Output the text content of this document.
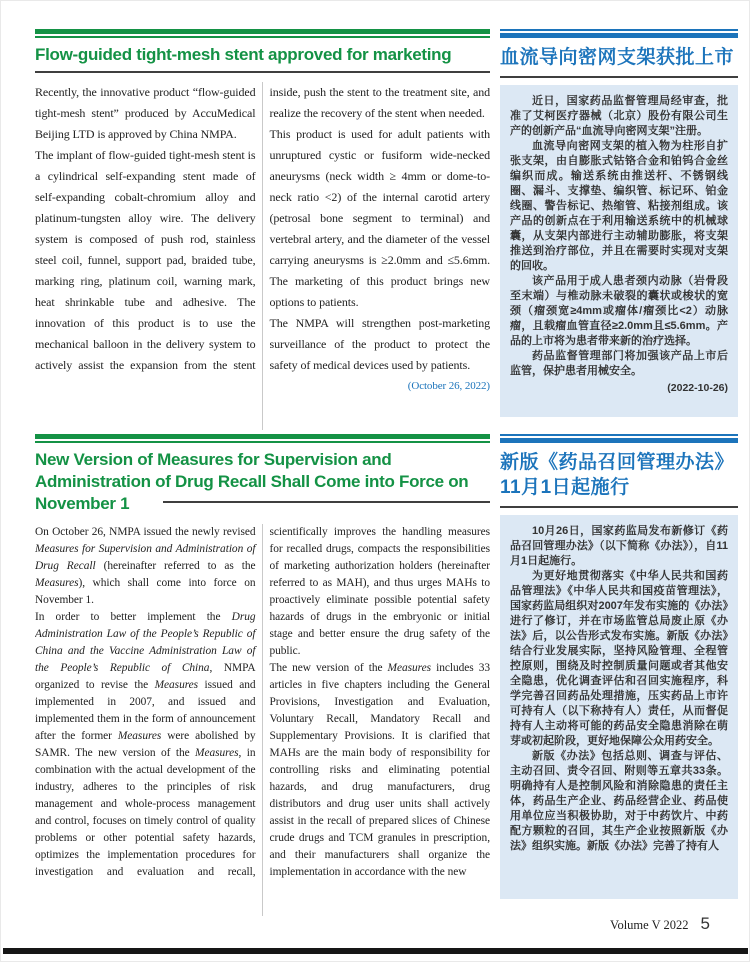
Flow-guided tight-mesh stent approved for marketing

Recently, the innovative product “flow-guided tight-mesh stent” produced by AccuMedical Beijing LTD is approved by China NMPA.

The implant of flow-guided tight-mesh stent is a cylindrical self-expanding stent made of self-expanding cobalt-chromium alloy and platinum-tungsten alloy wire. The delivery system is composed of push rod, stainless steel coil, funnel, support pad, braided tube, marking ring, platinum coil, warning mark, heat shrinkable tube and adhesive. The innovation of this product is to use the mechanical balloon in the delivery system to actively assist the expansion from the stent inside, push the stent to the treatment site, and realize the recovery of the stent when needed.

This product is used for adult patients with unruptured cystic or fusiform wide-necked aneurysms (neck width ≥ 4mm or dome-to-neck ratio <2) of the internal carotid artery (petrosal bone segment to terminal) and vertebral artery, and the diameter of the vessel carrying aneurysms is ≥2.0mm and ≤5.6mm. The marketing of this product brings new options to patients.

The NMPA will strengthen post-marketing surveillance of the product to protect the safety of medical devices used by patients.

(October 26, 2022)

血流导向密网支架获批上市

近日，国家药品监督管理局经审查，批准了艾柯医疗器械（北京）股份有限公司生产的创新产品“血流导向密网支架”注册。

血流导向密网支架的植入物为柱形自扩张支架，由自膨胀式钴铬合金和铂钨合金丝编织而成。输送系统由推送杆、不锈钢线圈、漏斗、支撑垫、编织管、标记环、铂金线圈、警告标记、热缩管、粘接剂组成。该产品的创新点在于利用输送系统中的机械球囊，从支架内部进行主动辅助膨胀，将支架推送到治疗部位，并且在需要时实现对支架的回收。

该产品用于成人患者颈内动脉（岩骨段至末端）与椎动脉未破裂的囊状或梭状的宽颈（瘤颈宽≥4mm或瘤体/瘤颈比<2）动脉瘤，且载瘤血管直径≥2.0mm且≤5.6mm。产品的上市将为患者带来新的治疗选择。

药品监督管理部门将加强该产品上市后监管，保护患者用械安全。

(2022-10-26)

New Version of Measures for Supervision and Administration of Drug Recall Shall Come into Force on November 1

On October 26, NMPA issued the newly revised Measures for Supervision and Administration of Drug Recall (hereinafter referred to as the Measures), which shall come into force on November 1.

In order to better implement the Drug Administration Law of the People’s Republic of China and the Vaccine Administration Law of the People’s Republic of China, NMPA organized to revise the Measures issued and implemented in 2007, and issued and implemented them in the form of announcement after the former Measures were abolished by SAMR. The new version of the Measures, in combination with the actual development of the industry, adheres to the principles of risk management and whole-process management and control, focuses on timely control of quality problems or other potential safety hazards, optimizes the implementation procedures for investigation and evaluation and recall, scientifically improves the handling measures for recalled drugs, compacts the responsibilities of marketing authorization holders (hereinafter referred to as MAH), and thus urges MAHs to proactively eliminate possible potential safety hazards of drugs in the embryonic or initial stage and better ensure the drug safety of the public.

The new version of the Measures includes 33 articles in five chapters including the General Provisions, Investigation and Evaluation, Voluntary Recall, Mandatory Recall and Supplementary Provisions. It is clarified that MAHs are the main body of responsibility for controlling risks and eliminating potential hazards, and drug manufacturers, drug distributors and drug user units shall actively assist in the recall of prepared slices of Chinese crude drugs and TCM granules in prescription, and their manufacturers shall organize the implementation in accordance with the new

新版《药品召回管理办法》11月1日起施行

10月26日，国家药监局发布新修订《药品召回管理办法》（以下简称《办法》），自11月1日起施行。

为更好地贯彻落实《中华人民共和国药品管理法》《中华人民共和国疫苗管理法》，国家药监局组织对2007年发布实施的《办法》进行了修订，并在市场监管总局废止原《办法》后，以公告形式发布实施。新版《办法》结合行业发展实际，坚持风险管理、全程管控原则，围绕及时控制质量问题或者其他安全隐患，优化调查评估和召回实施程序，科学完善召回药品处理措施，压实药品上市许可持有人（以下称持有人）责任，从而督促持有人主动将可能的药品安全隐患消除在萌芽或初起阶段，更好地保障公众用药安全。

新版《办法》包括总则、调查与评估、主动召回、责令召回、附则等五章共33条。明确持有人是控制风险和消除隐患的责任主体，药品生产企业、药品经营企业、药品使用单位应当积极协助，对于中药饮片、中药配方颗粒的召回，其生产企业按照新版《办法》组织实施。新版《办法》完善了持有人

Volume V 2022 5
